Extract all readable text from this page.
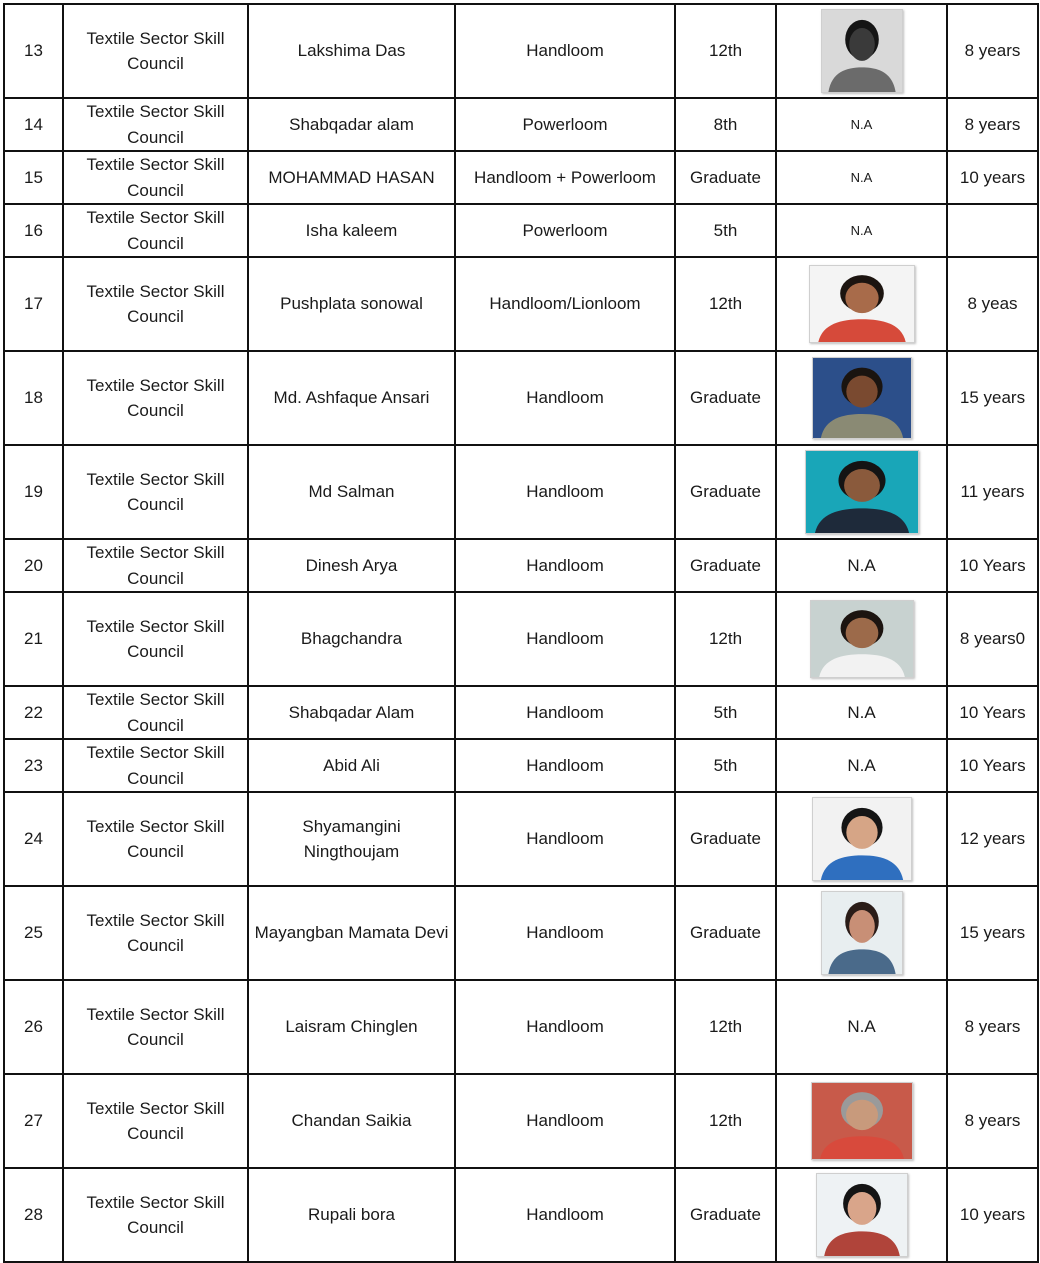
13	Textile Sector Skill Council	Lakshima Das	Handloom	12th		8 years
14	Textile Sector Skill Council	Shabqadar alam	Powerloom	8th	N.A	8 years
15	Textile Sector Skill Council	MOHAMMAD HASAN	Handloom + Powerloom	Graduate	N.A	10 years
16	Textile Sector Skill Council	Isha kaleem	Powerloom	5th	N.A	
17	Textile Sector Skill Council	Pushplata sonowal	Handloom/Lionloom	12th		8 yeas
18	Textile Sector Skill Council	Md. Ashfaque Ansari	Handloom	Graduate		15 years
19	Textile Sector Skill Council	Md Salman	Handloom	Graduate		11 years
20	Textile Sector Skill Council	Dinesh Arya	Handloom	Graduate	N.A	10 Years
21	Textile Sector Skill Council	Bhagchandra	Handloom	12th		8 years0
22	Textile Sector Skill Council	Shabqadar Alam	Handloom	5th	N.A	10 Years
23	Textile Sector Skill Council	Abid Ali	Handloom	5th	N.A	10 Years
24	Textile Sector Skill Council	Shyamangini Ningthoujam	Handloom	Graduate		12 years
25	Textile Sector Skill Council	Mayangban Mamata Devi	Handloom	Graduate		15 years
26	Textile Sector Skill Council	Laisram Chinglen	Handloom	12th	N.A	8 years
27	Textile Sector Skill Council	Chandan Saikia	Handloom	12th		8 years
28	Textile Sector Skill Council	Rupali bora	Handloom	Graduate		10 years
